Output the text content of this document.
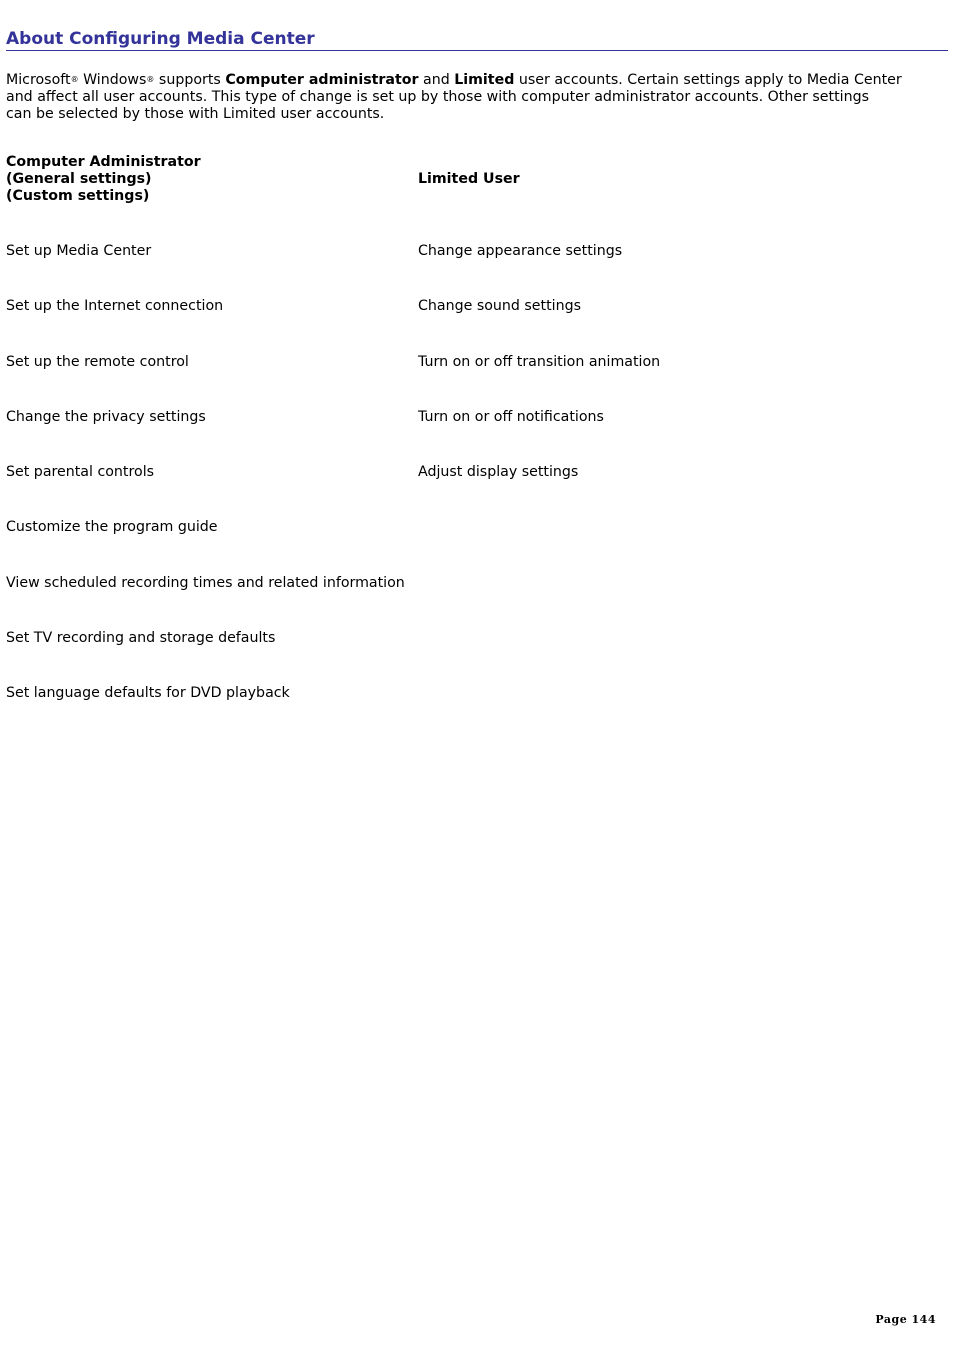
About Configuring Media Center
Microsoft® Windows® supports Computer administrator and Limited user accounts. Certain settings apply to Media Center
and affect all user accounts. This type of change is set up by those with computer administrator accounts. Other settings
can be selected by those with Limited user accounts.
Computer Administrator
(General settings)
(Custom settings)
Limited User
Set up Media Center
Set up the Internet connection
Set up the remote control
Change the privacy settings
Set parental controls
Customize the program guide
View scheduled recording times and related information
Set TV recording and storage defaults
Set language defaults for DVD playback
Change appearance settings
Change sound settings
Turn on or off transition animation
Turn on or off notifications
Adjust display settings
Page 144
